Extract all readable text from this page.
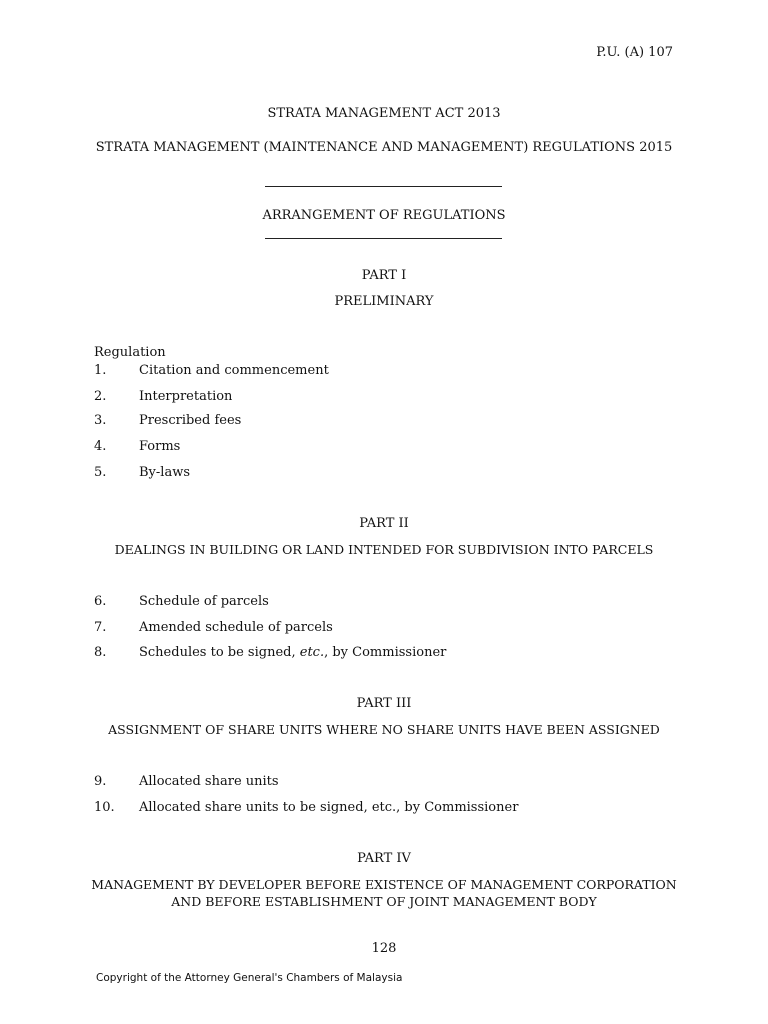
P.U. (A) 107
STRATA MANAGEMENT ACT 2013
STRATA MANAGEMENT (MAINTENANCE AND MANAGEMENT) REGULATIONS 2015
ARRANGEMENT OF REGULATIONS
PART I
PRELIMINARY
Regulation
1.	Citation and commencement
2.	Interpretation
3.	Prescribed fees
4.	Forms
5.	By-laws
PART II
DEALINGS IN BUILDING OR LAND INTENDED FOR SUBDIVISION INTO PARCELS
6.	Schedule of parcels
7.	Amended schedule of parcels
8.	Schedules to be signed, etc., by Commissioner
PART III
ASSIGNMENT OF SHARE UNITS WHERE NO SHARE UNITS HAVE BEEN ASSIGNED
9.	Allocated share units
10. Allocated share units to be signed, etc., by Commissioner
PART IV
MANAGEMENT BY DEVELOPER BEFORE EXISTENCE OF MANAGEMENT CORPORATION
AND BEFORE ESTABLISHMENT OF JOINT MANAGEMENT BODY
128
Copyright of the Attorney General's Chambers of Malaysia
